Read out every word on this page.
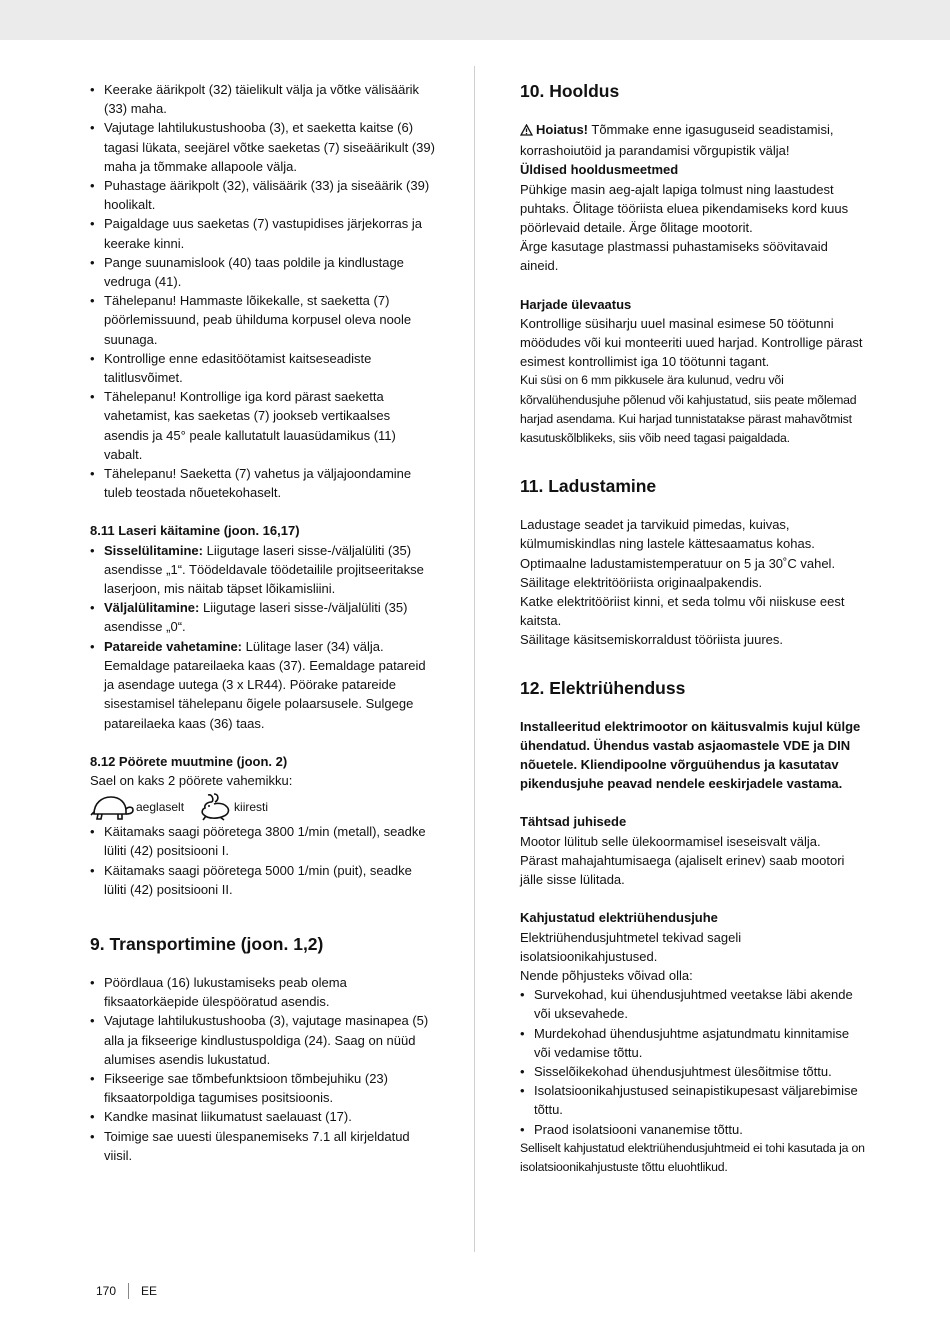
• Keerake äärikpolt (32) täielikult välja ja võtke välisäärik (33) maha.
• Vajutage lahtilukustushooba (3), et saeketta kaitse (6) tagasi lükata, seejärel võtke saeketas (7) siseäärikult (39) maha ja tõmmake allapoole välja.
• Puhastage äärikpolt (32), välisäärik (33) ja siseäärik (39) hoolikalt.
• Paigaldage uus saeketas (7) vastupidises järjekorras ja keerake kinni.
• Pange suunamislook (40) taas poldile ja kindlustage vedruga (41).
• Tähelepanu! Hammaste lõikekalle, st saeketta (7) pöörlemissuund, peab ühilduma korpusel oleva noole suunaga.
• Kontrollige enne edasitöötamist kaitseseadiste talitlusvõimet.
• Tähelepanu! Kontrollige iga kord pärast saeketta vahetamist, kas saeketas (7) jookseb vertikaalses asendis ja 45° peale kallutatult lauasüdamikus (11) vabalt.
• Tähelepanu! Saeketta (7) vahetus ja väljajoondamine tuleb teostada nõuetekohaselt.

8.11 Laseri käitamine (joon. 16,17)

• Sisselülitamine: Liigutage laseri sisse-/väljalüliti (35) asendisse „1“. Töödeldavale töödetailile projitseeritakse laserjoon, mis näitab täpset lõikamisliini.
• Väljalülitamine: Liigutage laseri sisse-/väljalüliti (35) asendisse „0“.
• Patareide vahetamine: Lülitage laser (34) välja. Eemaldage patareilaeka kaas (37). Eemaldage patareid ja asendage uutega (3 x LR44). Pöörake patareide sisestamisel tähelepanu õigele polaarsusele. Sulgege patareilaeka kaas (36) taas.

8.12 Pöörete muutmine (joon. 2)

Sael on kaks 2 pöörete vahemikku:

aeglaselt	kiiresti
• Käitamaks saagi pööretega 3800 1/min (metall), seadke lüliti (42) positsiooni I.
• Käitamaks saagi pööretega 5000 1/min (puit), seadke lüliti (42) positsiooni II.
9. Transportimine (joon. 1,2)
• Pöördlaua (16) lukustamiseks peab olema fiksaatorkäepide ülespööratud asendis.
• Vajutage lahtilukustushooba (3), vajutage masinapea (5) alla ja fikseerige kindlustuspoldiga (24). Saag on nüüd alumises asendis lukustatud.
• Fikseerige sae tõmbefunktsioon tõmbejuhiku (23) fiksaatorpoldiga tagumises positsioonis.
• Kandke masinat liikumatust saelauast (17).
• Toimige sae uuesti ülespanemiseks 7.1 all kirjeldatud viisil.
10. Hooldus

Hoiatus! Tõmmake enne igasuguseid seadistamisi, korrashoiutöid ja parandamisi võrgupistik välja!

Üldised hooldusmeetmed

Pühkige masin aeg-ajalt lapiga tolmust ning laastudest puhtaks. Õlitage tööriista eluea pikendamiseks kord kuus pöörlevaid detaile. Ärge õlitage mootorit.

Ärge kasutage plastmassi puhastamiseks söövitavaid aineid.

Harjade ülevaatus

Kontrollige süsiharju uuel masinal esimese 50 töötunni möödudes või kui monteeriti uued harjad. Kontrollige pärast esimest kontrollimist iga 10 töötunni tagant.

Kui süsi on 6 mm pikkusele ära kulunud, vedru või kõrvalühendusjuhe põlenud või kahjustatud, siis peate mõlemad harjad asendama. Kui harjad tunnistatakse pärast mahavõtmist kasutuskõlblikeks, siis võib need tagasi paigaldada.

11. Ladustamine

Ladustage seadet ja tarvikuid pimedas, kuivas, külmumiskindlas ning lastele kättesaamatus kohas. Optimaalne ladustamistemperatuur on 5 ja 30˚C vahel.

Säilitage elektritööriista originaalpakendis.

Katke elektritööriist kinni, et seda tolmu või niiskuse eest kaitsta.

Säilitage käsitsemiskorraldust tööriista juures.

12. Elektriühenduss

Installeeritud elektrimootor on käitusvalmis kujul külge ühendatud. Ühendus vastab asjaomastele VDE ja DIN nõuetele. Kliendipoolne võrguühendus ja kasutatav pikendusjuhe peavad nendele eeskirjadele vastama.

Tähtsad juhisede

Mootor lülitub selle ülekoormamisel iseseisvalt välja.

Pärast mahajahtumisaega (ajaliselt erinev) saab mootori jälle sisse lülitada.

Kahjustatud elektriühendusjuhe

Elektriühendusjuhtmetel tekivad sageli isolatsioonikahjustused.

Nende põhjusteks võivad olla:

• Survekohad, kui ühendusjuhtmed veetakse läbi akende või uksevahede.
• Murdekohad ühendusjuhtme asjatundmatu kinnitamise või vedamise tõttu.
• Sisselõikekohad ühendusjuhtmest ülesõitmise tõttu.
• Isolatsioonikahjustused seinapistikupesast väljarebimise tõttu.
• Praod isolatsiooni vananemise tõttu.

Selliselt kahjustatud elektriühendusjuhtmeid ei tohi kasutada ja on isolatsioonikahjustuste tõttu eluohtlikud.

170 EE
